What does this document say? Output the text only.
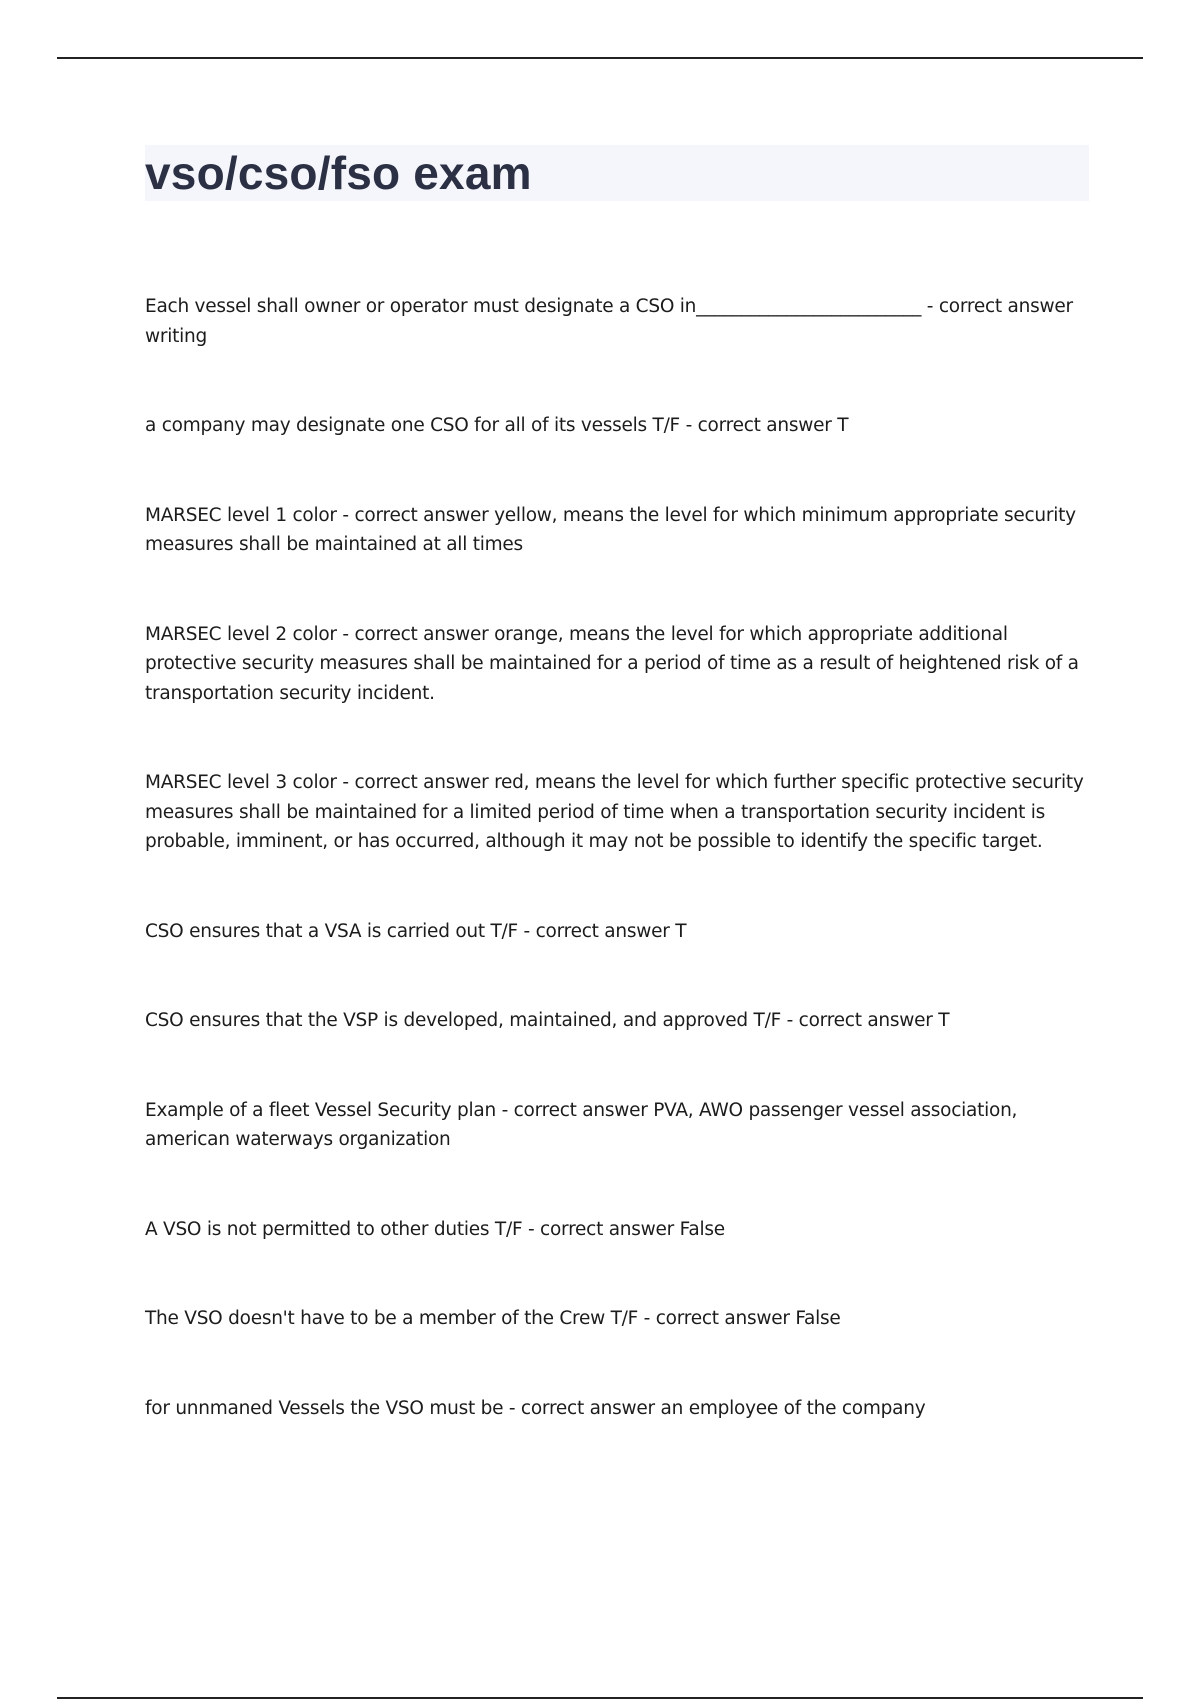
vso/cso/fso exam
Each vessel shall owner or operator must designate a CSO in_________________________ - correct answer writing
a company may designate one CSO for all of its vessels T/F - correct answer T
MARSEC level 1 color - correct answer yellow, means the level for which minimum appropriate security measures shall be maintained at all times
MARSEC level 2 color - correct answer orange, means the level for which appropriate additional protective security measures shall be maintained for a period of time as a result of heightened risk of a transportation security incident.
MARSEC level 3 color - correct answer red, means the level for which further specific protective security measures shall be maintained for a limited period of time when a transportation security incident is probable, imminent, or has occurred, although it may not be possible to identify the specific target.
CSO ensures that a VSA is carried out T/F - correct answer T
CSO ensures that the VSP is developed, maintained, and approved T/F - correct answer T
Example of a fleet Vessel Security plan - correct answer PVA, AWO passenger vessel association, american waterways organization
A VSO is not permitted to other duties T/F - correct answer False
The VSO doesn't have to be a member of the Crew T/F - correct answer False
for unnmaned Vessels the VSO must be - correct answer an employee of the company
